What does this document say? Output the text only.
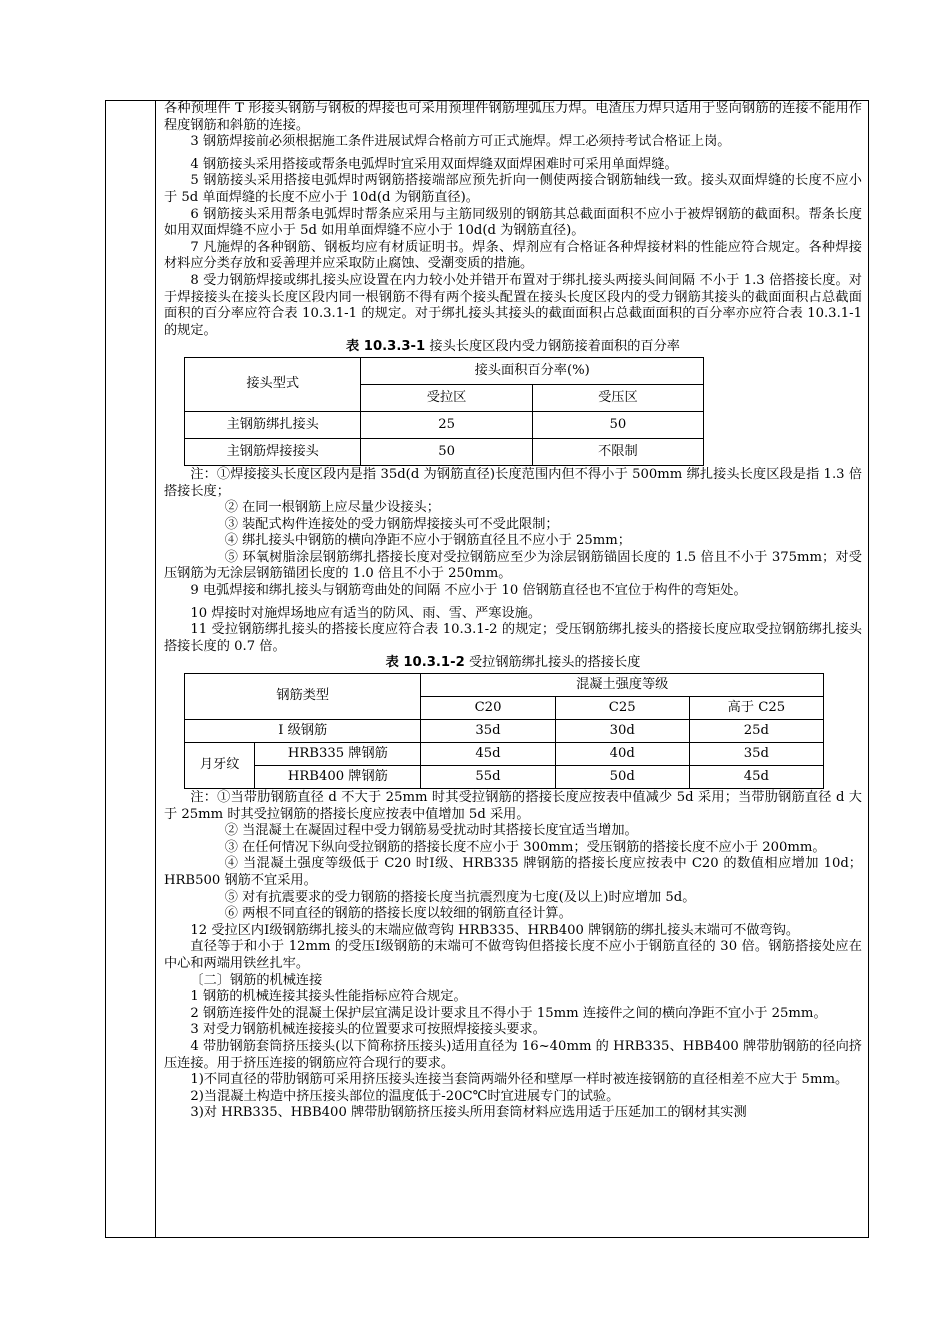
各种预埋件 T 形接头钢筋与钢板的焊接也可采用预埋件钢筋埋弧压力焊。电渣压力焊只适用于竖向钢筋的连接不能用作程度钢筋和斜筋的连接。

3 钢筋焊接前必须根据施工条件进展试焊合格前方可正式施焊。焊工必须持考试合格证上岗。

4 钢筋接头采用搭接或帮条电弧焊时宜采用双面焊缝双面焊困难时可采用单面焊缝。

5 钢筋接头采用搭接电弧焊时两钢筋搭接端部应预先折向一侧使两接合钢筋轴线一致。接头双面焊缝的长度不应小于 5d 单面焊缝的长度不应小于 10d(d 为钢筋直径)。

6 钢筋接头采用帮条电弧焊时帮条应采用与主筋同级别的钢筋其总截面面积不应小于被焊钢筋的截面积。帮条长度如用双面焊缝不应小于 5d 如用单面焊缝不应小于 10d(d 为钢筋直径)。

7 凡施焊的各种钢筋、钢板均应有材质证明书。焊条、焊剂应有合格证各种焊接材料的性能应符合规定。各种焊接材料应分类存放和妥善理并应采取防止腐蚀、受潮变质的措施。

8 受力钢筋焊接或绑扎接头应设置在内力较小处并错开布置对于绑扎接头两接头间间隔 不小于 1.3 倍搭接长度。对于焊接接头在接头长度区段内同一根钢筋不得有两个接头配置在接头长度区段内的受力钢筋其接头的截面面积占总截面面积的百分率应符合表 10.3.1-1 的规定。对于绑扎接头其接头的截面面积占总截面面积的百分率亦应符合表 10.3.1-1 的规定。

表 10.3.3-1 接头长度区段内受力钢筋接着面积的百分率

接头型式	接头面积百分率(%)	
	受拉区	受压区
主钢筋绑扎接头	25	50
主钢筋焊接接头	50	不限制

注：①焊接接头长度区段内是指 35d(d 为钢筋直径)长度范围内但不得小于 500mm 绑扎接头长度区段是指 1.3 倍搭接长度；

② 在同一根钢筋上应尽量少设接头；

③ 装配式构件连接处的受力钢筋焊接接头可不受此限制；

④ 绑扎接头中钢筋的横向净距不应小于钢筋直径且不应小于 25mm；

⑤ 环氧树脂涂层钢筋绑扎搭接长度对受拉钢筋应至少为涂层钢筋锚固长度的 1.5 倍且不小于 375mm；对受压钢筋为无涂层钢筋锚团长度的 1.0 倍且不小于 250mm。

9 电弧焊接和绑扎接头与钢筋弯曲处的间隔 不应小于 10 倍钢筋直径也不宜位于构件的弯矩处。

10 焊接时对施焊场地应有适当的防风、雨、雪、严寒设施。

11 受拉钢筋绑扎接头的搭接长度应符合表 10.3.1-2 的规定；受压钢筋绑扎接头的搭接长度应取受拉钢筋绑扎接头搭接长度的 0.7 倍。

表 10.3.1-2 受拉钢筋绑扎接头的搭接长度

钢筋类型		混凝土强度等级		
		C20	C25	高于 C25
Ⅰ 级钢筋		35d	30d	25d
月牙纹	HRB335 牌钢筋	45d	40d	35d
	HRB400 牌钢筋	55d	50d	45d

注：①当带肋钢筋直径 d 不大于 25mm 时其受拉钢筋的搭接长度应按表中值减少 5d 采用；当带肋钢筋直径 d 大于 25mm 时其受拉钢筋的搭接长度应按表中值增加 5d 采用。

② 当混凝土在凝固过程中受力钢筋易受扰动时其搭接长度宜适当增加。

③ 在任何情况下纵向受拉钢筋的搭接长度不应小于 300mm；受压钢筋的搭接长度不应小于 200mm。

④ 当混凝土强度等级低于 C20 时Ⅰ级、HRB335 牌钢筋的搭接长度应按表中 C20 的数值相应增加 10d；HRB500 钢筋不宜采用。

⑤ 对有抗震要求的受力钢筋的搭接长度当抗震烈度为七度(及以上)时应增加 5d。

⑥ 两根不同直径的钢筋的搭接长度以较细的钢筋直径计算。

12 受拉区内Ⅰ级钢筋绑扎接头的末端应做弯钩 HRB335、HRB400 牌钢筋的绑扎接头末端可不做弯钩。

直径等于和小于 12mm 的受压Ⅰ级钢筋的末端可不做弯钩但搭接长度不应小于钢筋直径的 30 倍。钢筋搭接处应在中心和两端用铁丝扎牢。

〔二〕钢筋的机械连接

1 钢筋的机械连接其接头性能指标应符合规定。

2 钢筋连接件处的混凝土保护层宜满足设计要求且不得小于 15mm 连接件之间的横向净距不宜小于 25mm。

3 对受力钢筋机械连接接头的位置要求可按照焊接接头要求。

4 带肋钢筋套筒挤压接头(以下简称挤压接头)适用直径为 16~40mm 的 HRB335、HBB400 牌带肋钢筋的径向挤压连接。用于挤压连接的钢筋应符合现行的要求。

1)不同直径的带肋钢筋可采用挤压接头连接当套筒两端外径和壁厚一样时被连接钢筋的直径相差不应大于 5mm。

2)当混凝土构造中挤压接头部位的温度低于-20C℃时宜进展专门的试验。

3)对 HRB335、HBB400 牌带肋钢筋挤压接头所用套筒材料应选用适于压延加工的钢材其实测
